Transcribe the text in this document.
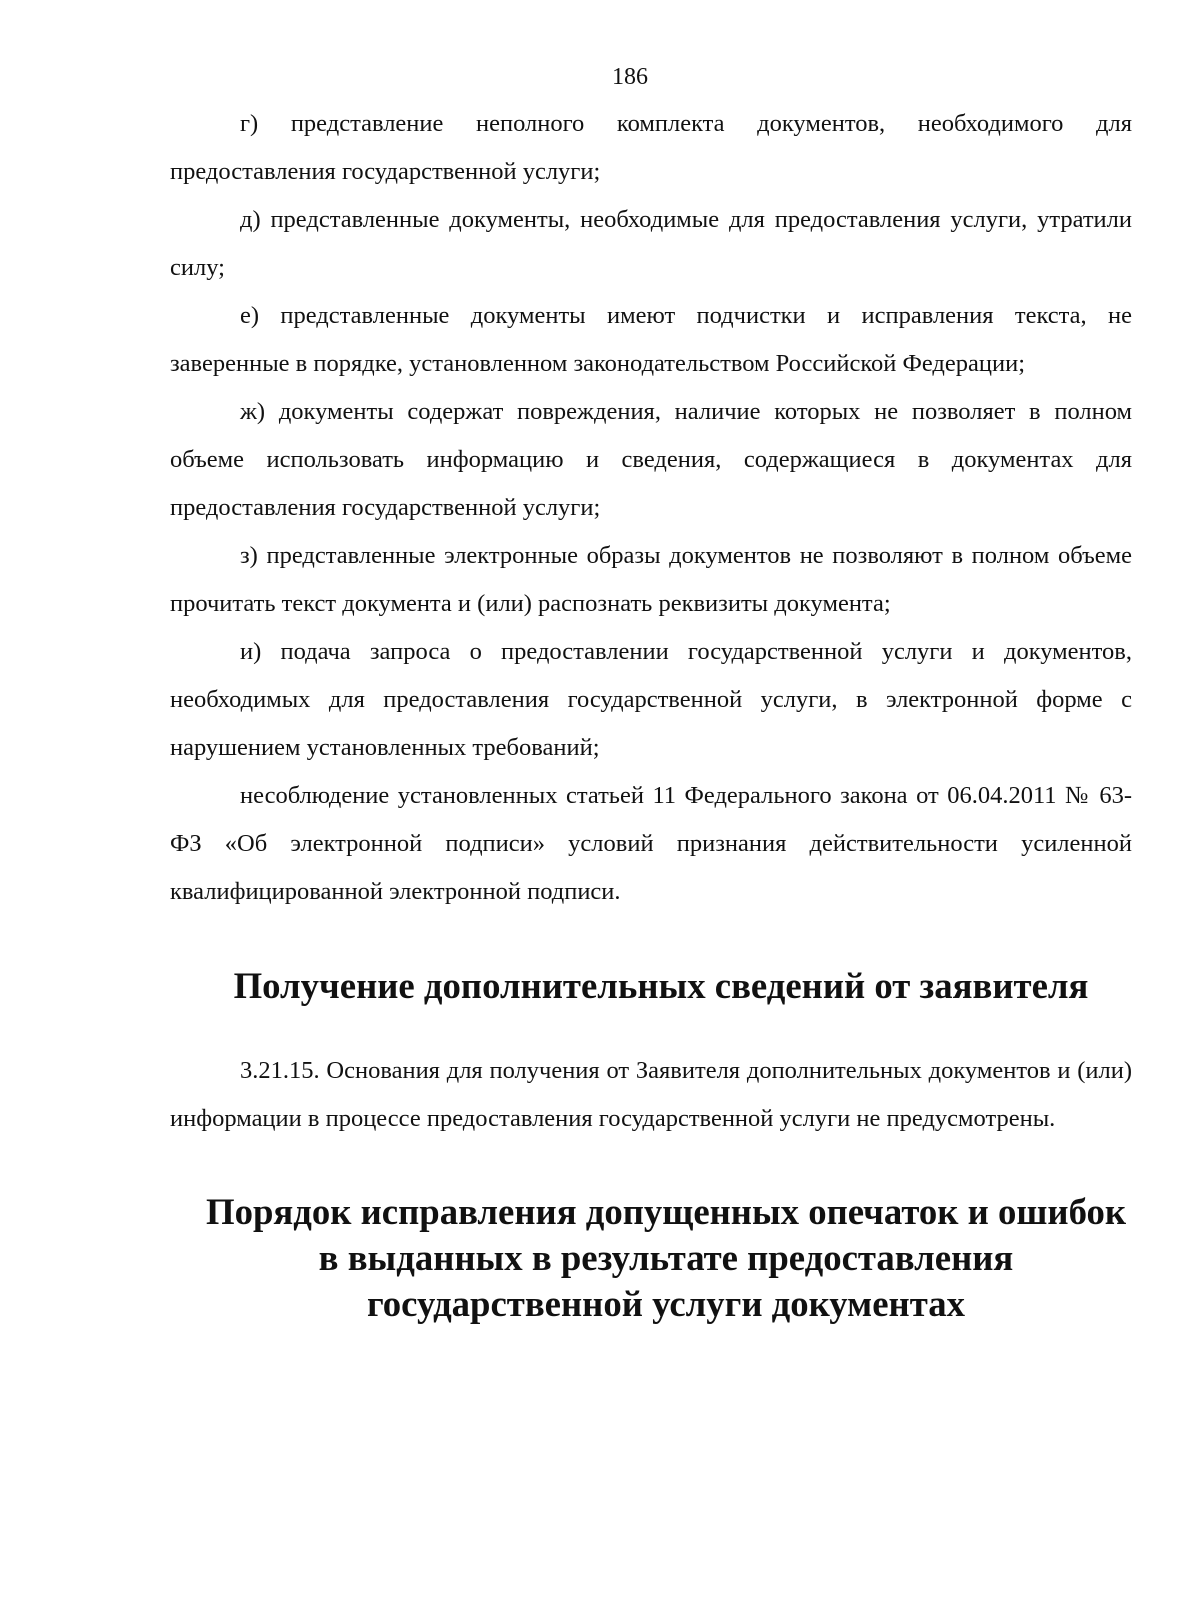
186

г) представление неполного комплекта документов, необходимого для предоставления государственной услуги;

д) представленные документы, необходимые для предоставления услуги, утратили силу;

е) представленные документы имеют подчистки и исправления текста, не заверенные в порядке, установленном законодательством Российской Федерации;

ж) документы содержат повреждения, наличие которых не позволяет в полном объеме использовать информацию и сведения, содержащиеся в документах для предоставления государственной услуги;

з) представленные электронные образы документов не позволяют в полном объеме прочитать текст документа и (или) распознать реквизиты документа;

и) подача запроса о предоставлении государственной услуги и документов, необходимых для предоставления государственной услуги, в электронной форме с нарушением установленных требований;

несоблюдение установленных статьей 11 Федерального закона от 06.04.2011 № 63-ФЗ «Об электронной подписи» условий признания действительности усиленной квалифицированной электронной подписи.

Получение дополнительных сведений от заявителя

3.21.15. Основания для получения от Заявителя дополнительных документов и (или) информации в процессе предоставления государственной услуги не предусмотрены.

Порядок исправления допущенных опечаток и ошибок в выданных в результате предоставления государственной услуги документах
